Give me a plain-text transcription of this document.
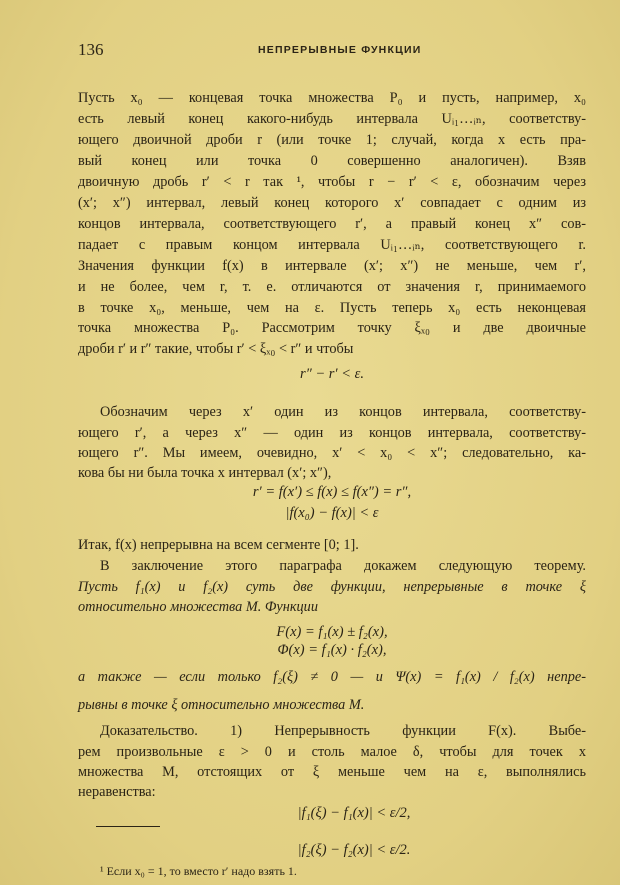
136	НЕПРЕРЫВНЫЕ ФУНКЦИИ
Пусть x₀ — концевая точка множества P₀ и пусть, например, x₀
есть левый конец какого-нибудь интервала Uᵢ₁…ᵢₙ, соответству-
ющего двоичной дроби r (или точке 1; случай, когда x есть пра-
вый конец или точка 0 совершенно аналогичен). Взяв
двоичную дробь r′ < r так ¹, чтобы r − r′ < ε, обозначим через
(x′; x″) интервал, левый конец которого x′ совпадает с одним из
концов интервала, соответствующего r′, а правый конец x″ сов-
падает с правым концом интервала Uᵢ₁…ᵢₙ, соответствующего r.
Значения функции f(x) в интервале (x′; x″) не меньше, чем r′,
и не более, чем r, т. е. отличаются от значения r, принимаемого
в точке x₀, меньше, чем на ε. Пусть теперь x₀ есть неконцевая
точка множества P₀. Рассмотрим точку ξₓ₀ и две двоичные
дроби r′ и r″ такие, чтобы r′ < ξₓ₀ < r″ и чтобы
r″ − r′ < ε.
Обозначим через x′ один из концов интервала, соответству-
ющего r′, а через x″ — один из концов интервала, соответству-
ющего r″. Мы имеем, очевидно, x′ < x₀ < x″; следовательно, ка-
кова бы ни была точка x интервал (x′; x″),
r′ = f(x′) ≤ f(x) ≤ f(x″) = r″,
|f(x₀) − f(x)| < ε
Итак, f(x) непрерывна на всем сегменте [0; 1].
В заключение этого параграфа докажем следующую теорему.
Пусть f₁(x) и f₂(x) суть две функции, непрерывные в точке ξ
относительно множества M. Функции
F(x) = f₁(x) ± f₂(x),
Φ(x) = f₁(x) · f₂(x),
а также — если только f₂(ξ) ≠ 0 — и Ψ(x) = f₁(x) / f₂(x) непре-
рывны в точке ξ относительно множества M.
Доказательство. 1) Непрерывность функции F(x). Выбе-
рем произвольные ε > 0 и столь малое δ, чтобы для точек x
множества M, отстоящих от ξ меньше чем на ε, выполнялись
неравенства:
|f₁(ξ) − f₁(x)| < ε/2,
|f₂(ξ) − f₂(x)| < ε/2.
¹ Если x₀ = 1, то вместо r′ надо взять 1.
